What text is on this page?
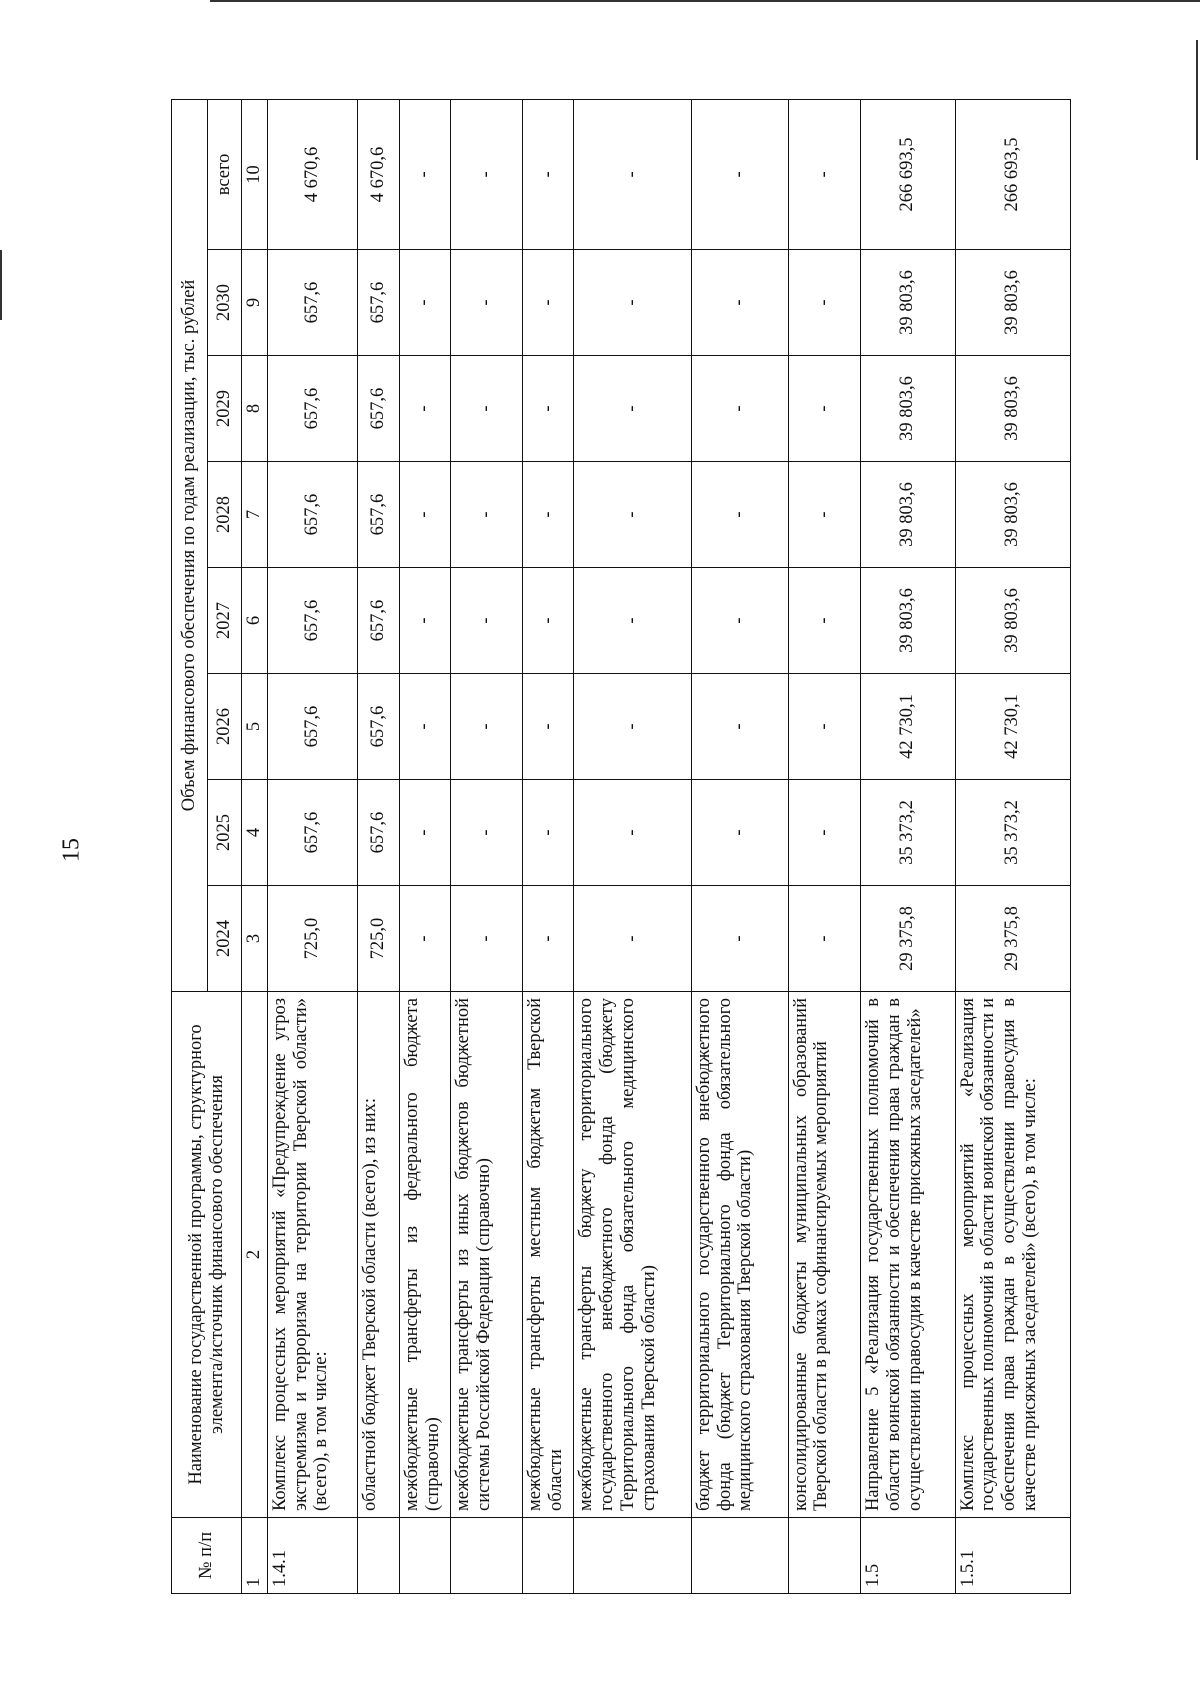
15
№ п/п	Наименование государственной программы, структурного элемента/источник финансового обеспечения	Объем финансового обеспечения по годам реализации, тыс. рублей							
		2024	2025	2026	2027	2028	2029	2030	всего
1	2	3	4	5	6	7	8	9	10
1.4.1	Комплекс процессных мероприятий «Предупреждение угроз экстремизма и терроризма на территории Тверской области» (всего), в том числе:	725,0	657,6	657,6	657,6	657,6	657,6	657,6	4 670,6
	областной бюджет Тверской области (всего), из них:	725,0	657,6	657,6	657,6	657,6	657,6	657,6	4 670,6
	межбюджетные трансферты из федерального бюджета (справочно)	-	-	-	-	-	-	-	-
	межбюджетные трансферты из иных бюджетов бюджетной системы Российской Федерации (справочно)	-	-	-	-	-	-	-	-
	межбюджетные трансферты местным бюджетам Тверской области	-	-	-	-	-	-	-	-
	межбюджетные трансферты бюджету территориального государственного внебюджетного фонда (бюджету Территориального фонда обязательного медицинского страхования Тверской области)	-	-	-	-	-	-	-	-
	бюджет территориального государственного внебюджетного фонда (бюджет Территориального фонда обязательного медицинского страхования Тверской области)	-	-	-	-	-	-	-	-
	консолидированные бюджеты муниципальных образований Тверской области в рамках софинансируемых мероприятий	-	-	-	-	-	-	-	-
1.5	Направление 5 «Реализация государственных полномочий в области воинской обязанности и обеспечения права граждан в осуществлении правосудия в качестве присяжных заседателей»	29 375,8	35 373,2	42 730,1	39 803,6	39 803,6	39 803,6	39 803,6	266 693,5
1.5.1	Комплекс процессных мероприятий «Реализация государственных полномочий в области воинской обязанности и обеспечения права граждан в осуществлении правосудия в качестве присяжных заседателей» (всего), в том числе:	29 375,8	35 373,2	42 730,1	39 803,6	39 803,6	39 803,6	39 803,6	266 693,5
